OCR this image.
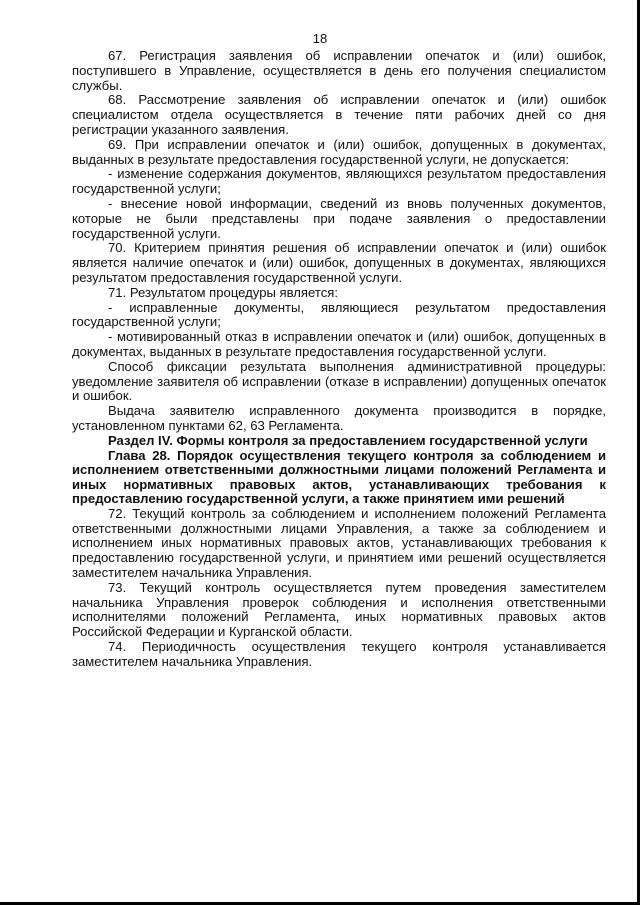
18

67. Регистрация заявления об исправлении опечаток и (или) ошибок, поступившего в Управление, осуществляется в день его получения специалистом службы.

68. Рассмотрение заявления об исправлении опечаток и (или) ошибок специалистом отдела осуществляется в течение пяти рабочих дней со дня регистрации указанного заявления.

69. При исправлении опечаток и (или) ошибок, допущенных в документах, выданных в результате предоставления государственной услуги, не допускается:

- изменение содержания документов, являющихся результатом предоставления государственной услуги;

- внесение новой информации, сведений из вновь полученных документов, которые не были представлены при подаче заявления о предоставлении государственной услуги.

70. Критерием принятия решения об исправлении опечаток и (или) ошибок является наличие опечаток и (или) ошибок, допущенных в документах, являющихся результатом предоставления государственной услуги.

71. Результатом процедуры является:

- исправленные документы, являющиеся результатом предоставления государственной услуги;

- мотивированный отказ в исправлении опечаток и (или) ошибок, допущенных в документах, выданных в результате предоставления государственной услуги.

Способ фиксации результата выполнения административной процедуры: уведомление заявителя об исправлении (отказе в исправлении) допущенных опечаток и ошибок.

Выдача заявителю исправленного документа производится в порядке, установленном пунктами 62, 63 Регламента.

Раздел IV. Формы контроля за предоставлением государственной услуги

Глава 28. Порядок осуществления текущего контроля за соблюдением и исполнением ответственными должностными лицами положений Регламента и иных нормативных правовых актов, устанавливающих требования к предоставлению государственной услуги, а также принятием ими решений

72. Текущий контроль за соблюдением и исполнением положений Регламента ответственными должностными лицами Управления, а также за соблюдением и исполнением иных нормативных правовых актов, устанавливающих требования к предоставлению государственной услуги, и принятием ими решений осуществляется заместителем начальника Управления.

73. Текущий контроль осуществляется путем проведения заместителем начальника Управления проверок соблюдения и исполнения ответственными исполнителями положений Регламента, иных нормативных правовых актов Российской Федерации и Курганской области.

74. Периодичность осуществления текущего контроля устанавливается заместителем начальника Управления.
